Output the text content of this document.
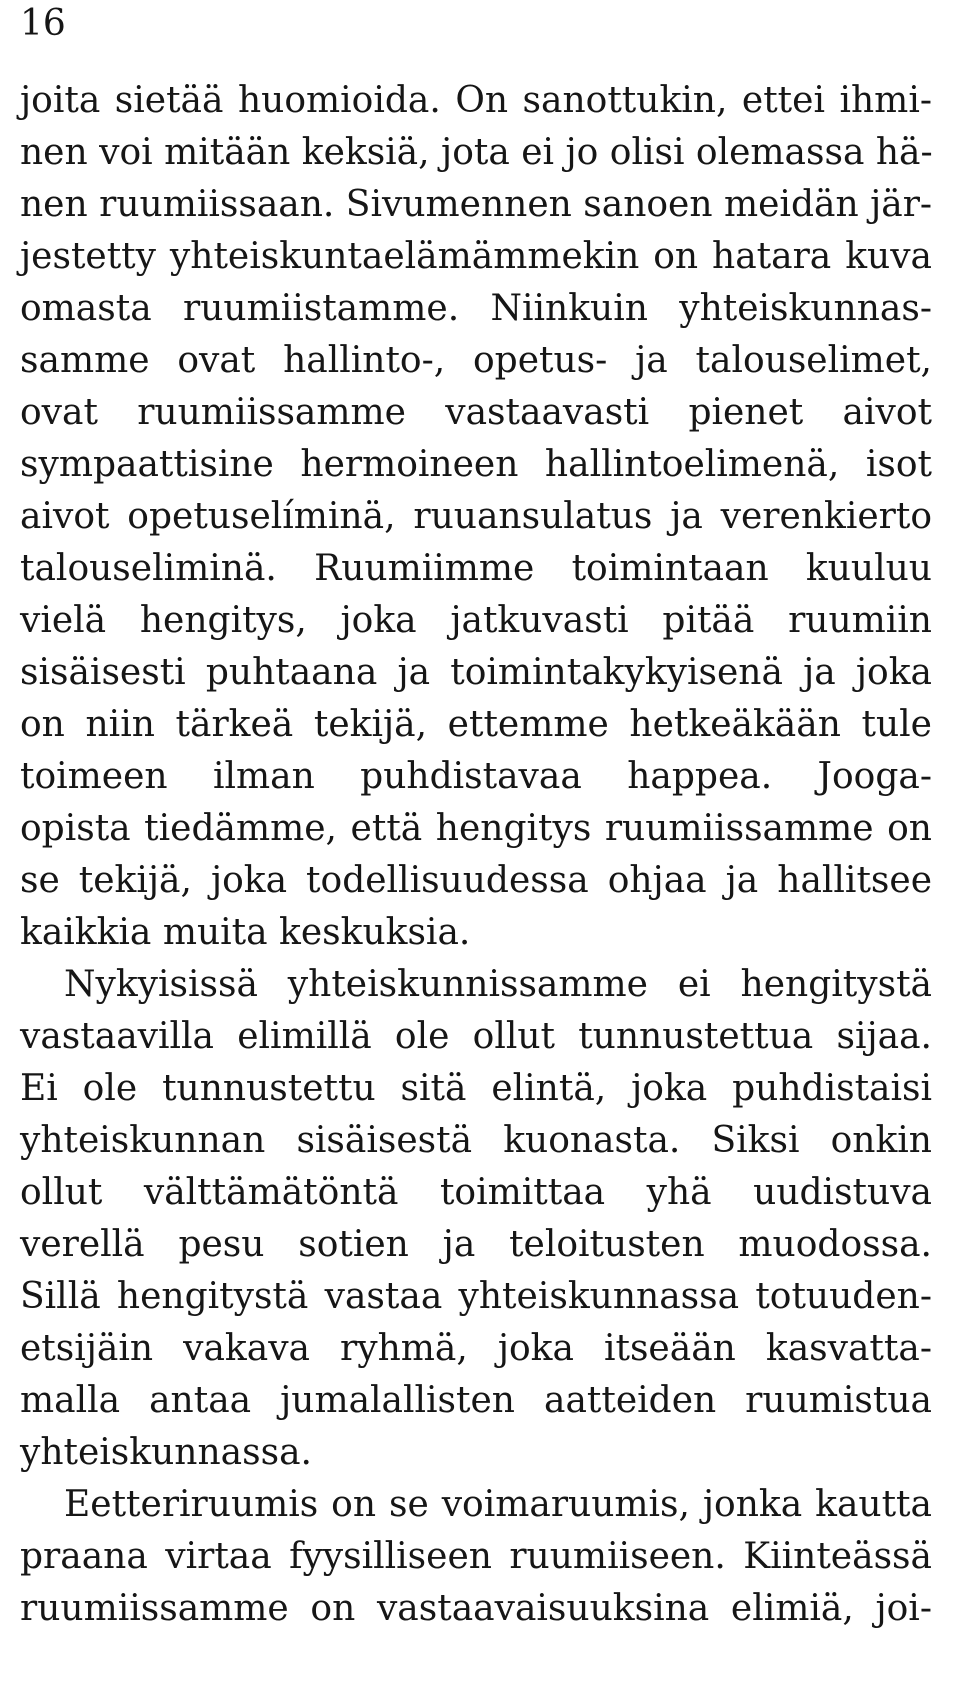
16
joita sietää huomioida. On sanottukin, ettei ihmi-
nen voi mitään keksiä, jota ei jo olisi olemassa hä-
nen ruumiissaan. Sivumennen sanoen meidän jär-
jestetty yhteiskuntaelämämmekin on hatara kuva
omasta ruumiistamme. Niinkuin yhteiskunnas-
samme ovat hallinto-, opetus- ja talouselimet,
ovat ruumiissamme vastaavasti pienet aivot
sympaattisine hermoineen hallintoelimenä, isot
aivot opetuselíminä, ruuansulatus ja verenkierto
talouseliminä. Ruumiimme toimintaan kuuluu
vielä hengitys, joka jatkuvasti pitää ruumiin
sisäisesti puhtaana ja toimintakykyisenä ja joka
on niin tärkeä tekijä, ettemme hetkeäkään tule
toimeen ilman puhdistavaa happea. Jooga-
opista tiedämme, että hengitys ruumiissamme on
se tekijä, joka todellisuudessa ohjaa ja hallitsee
kaikkia muita keskuksia.
Nykyisissä yhteiskunnissamme ei hengitystä
vastaavilla elimillä ole ollut tunnustettua sijaa.
Ei ole tunnustettu sitä elintä, joka puhdistaisi
yhteiskunnan sisäisestä kuonasta. Siksi onkin
ollut välttämätöntä toimittaa yhä uudistuva
verellä pesu sotien ja teloitusten muodossa.
Sillä hengitystä vastaa yhteiskunnassa totuuden-
etsijäin vakava ryhmä, joka itseään kasvatta-
malla antaa jumalallisten aatteiden ruumistua
yhteiskunnassa.
Eetteriruumis on se voimaruumis, jonka kautta
praana virtaa fyysilliseen ruumiiseen. Kiinteässä
ruumiissamme on vastaavaisuuksina elimiä, joi-
